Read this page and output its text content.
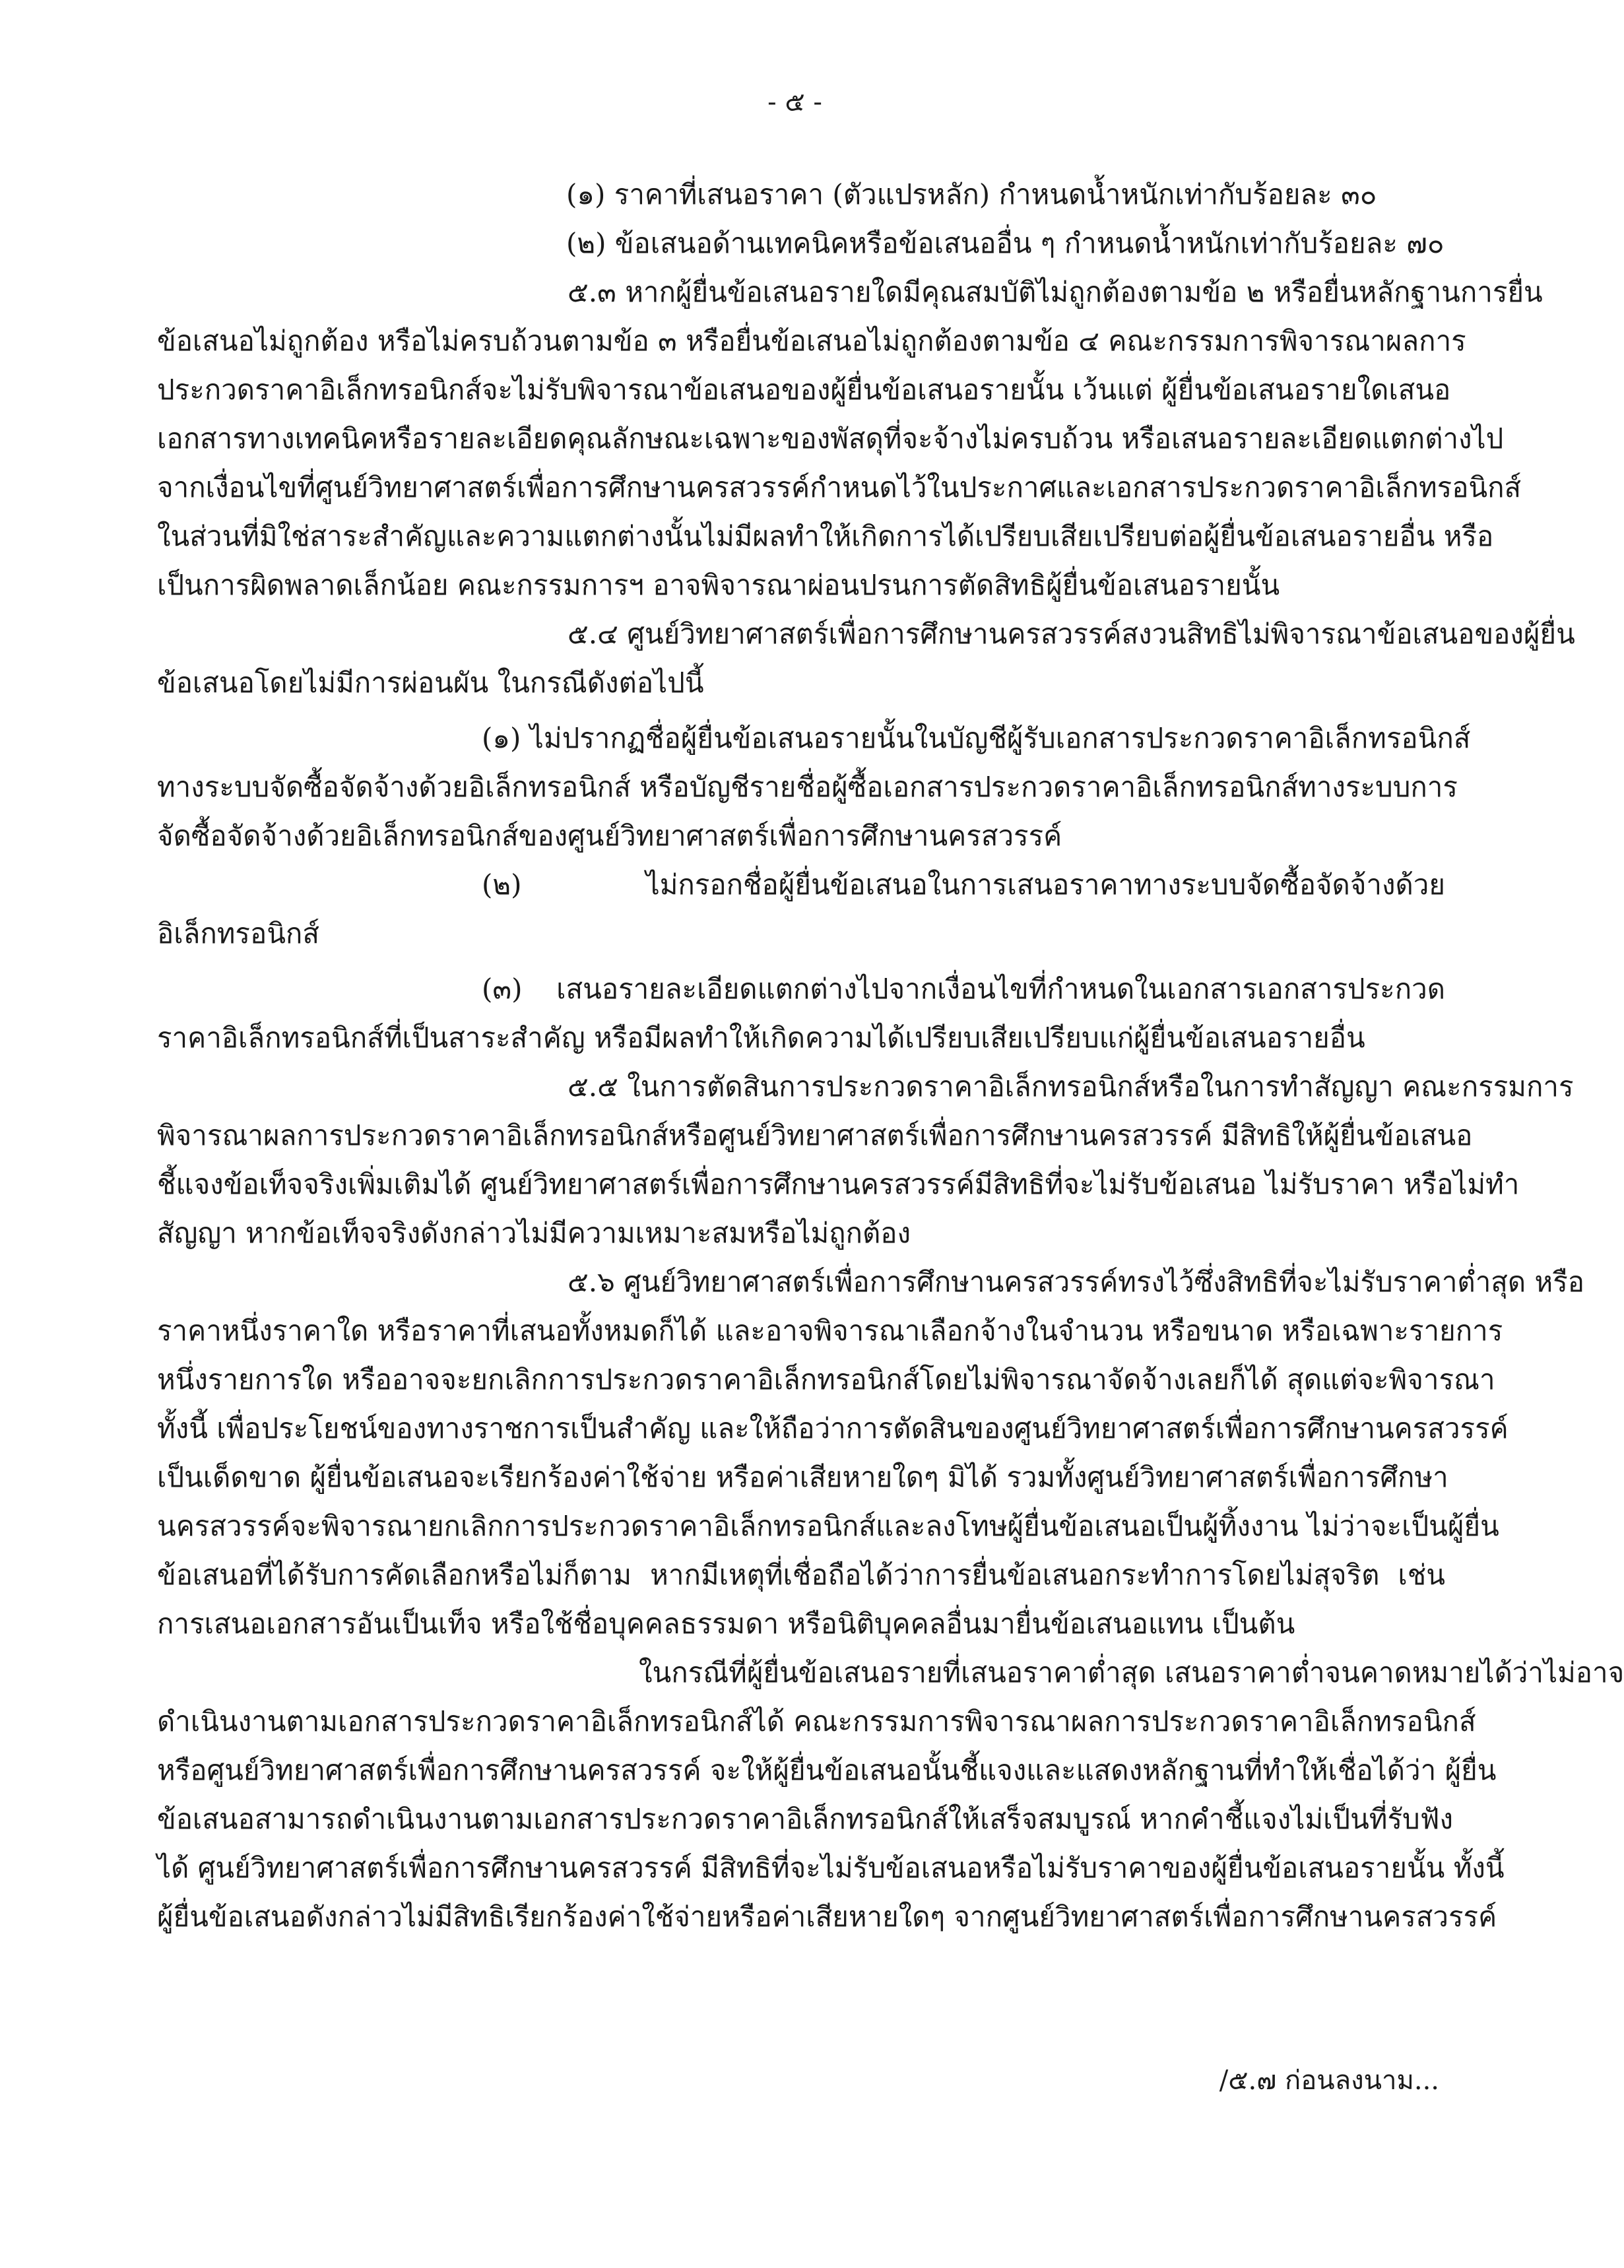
- ๕ -
(๑) ราคาที่เสนอราคา (ตัวแปรหลัก) กำหนดน้ำหนักเท่ากับร้อยละ ๓๐
(๒) ข้อเสนอด้านเทคนิคหรือข้อเสนออื่น ๆ กำหนดน้ำหนักเท่ากับร้อยละ ๗๐
๕.๓ หากผู้ยื่นข้อเสนอรายใดมีคุณสมบัติไม่ถูกต้องตามข้อ ๒ หรือยื่นหลักฐานการยื่น
ข้อเสนอไม่ถูกต้อง หรือไม่ครบถ้วนตามข้อ ๓ หรือยื่นข้อเสนอไม่ถูกต้องตามข้อ ๔ คณะกรรมการพิจารณาผลการ
ประกวดราคาอิเล็กทรอนิกส์จะไม่รับพิจารณาข้อเสนอของผู้ยื่นข้อเสนอรายนั้น เว้นแต่ ผู้ยื่นข้อเสนอรายใดเสนอ
เอกสารทางเทคนิคหรือรายละเอียดคุณลักษณะเฉพาะของพัสดุที่จะจ้างไม่ครบถ้วน หรือเสนอรายละเอียดแตกต่างไป
จากเงื่อนไขที่ศูนย์วิทยาศาสตร์เพื่อการศึกษานครสวรรค์กำหนดไว้ในประกาศและเอกสารประกวดราคาอิเล็กทรอนิกส์
ในส่วนที่มิใช่สาระสำคัญและความแตกต่างนั้นไม่มีผลทำให้เกิดการได้เปรียบเสียเปรียบต่อผู้ยื่นข้อเสนอรายอื่น หรือ
เป็นการผิดพลาดเล็กน้อย คณะกรรมการฯ อาจพิจารณาผ่อนปรนการตัดสิทธิผู้ยื่นข้อเสนอรายนั้น
๕.๔ ศูนย์วิทยาศาสตร์เพื่อการศึกษานครสวรรค์สงวนสิทธิไม่พิจารณาข้อเสนอของผู้ยื่น
ข้อเสนอโดยไม่มีการผ่อนผัน ในกรณีดังต่อไปนี้
(๑) ไม่ปรากฏชื่อผู้ยื่นข้อเสนอรายนั้นในบัญชีผู้รับเอกสารประกวดราคาอิเล็กทรอนิกส์
ทางระบบจัดซื้อจัดจ้างด้วยอิเล็กทรอนิกส์ หรือบัญชีรายชื่อผู้ซื้อเอกสารประกวดราคาอิเล็กทรอนิกส์ทางระบบการ
จัดซื้อจัดจ้างด้วยอิเล็กทรอนิกส์ของศูนย์วิทยาศาสตร์เพื่อการศึกษานครสวรรค์
(๒) ไม่กรอกชื่อผู้ยื่นข้อเสนอในการเสนอราคาทางระบบจัดซื้อจัดจ้างด้วย
อิเล็กทรอนิกส์
(๓) เสนอรายละเอียดแตกต่างไปจากเงื่อนไขที่กำหนดในเอกสารเอกสารประกวด
ราคาอิเล็กทรอนิกส์ที่เป็นสาระสำคัญ หรือมีผลทำให้เกิดความได้เปรียบเสียเปรียบแก่ผู้ยื่นข้อเสนอรายอื่น
๕.๕ ในการตัดสินการประกวดราคาอิเล็กทรอนิกส์หรือในการทำสัญญา คณะกรรมการ
พิจารณาผลการประกวดราคาอิเล็กทรอนิกส์หรือศูนย์วิทยาศาสตร์เพื่อการศึกษานครสวรรค์ มีสิทธิให้ผู้ยื่นข้อเสนอ
ชี้แจงข้อเท็จจริงเพิ่มเติมได้ ศูนย์วิทยาศาสตร์เพื่อการศึกษานครสวรรค์มีสิทธิที่จะไม่รับข้อเสนอ ไม่รับราคา หรือไม่ทำ
สัญญา หากข้อเท็จจริงดังกล่าวไม่มีความเหมาะสมหรือไม่ถูกต้อง
๕.๖ ศูนย์วิทยาศาสตร์เพื่อการศึกษานครสวรรค์ทรงไว้ซึ่งสิทธิที่จะไม่รับราคาต่ำสุด หรือ
ราคาหนึ่งราคาใด หรือราคาที่เสนอทั้งหมดก็ได้ และอาจพิจารณาเลือกจ้างในจำนวน หรือขนาด หรือเฉพาะรายการ
หนึ่งรายการใด หรืออาจจะยกเลิกการประกวดราคาอิเล็กทรอนิกส์โดยไม่พิจารณาจัดจ้างเลยก็ได้ สุดแต่จะพิจารณา
ทั้งนี้ เพื่อประโยชน์ของทางราชการเป็นสำคัญ และให้ถือว่าการตัดสินของศูนย์วิทยาศาสตร์เพื่อการศึกษานครสวรรค์
เป็นเด็ดขาด ผู้ยื่นข้อเสนอจะเรียกร้องค่าใช้จ่าย หรือค่าเสียหายใดๆ มิได้ รวมทั้งศูนย์วิทยาศาสตร์เพื่อการศึกษา
นครสวรรค์จะพิจารณายกเลิกการประกวดราคาอิเล็กทรอนิกส์และลงโทษผู้ยื่นข้อเสนอเป็นผู้ทิ้งงาน ไม่ว่าจะเป็นผู้ยื่น
ข้อเสนอที่ได้รับการคัดเลือกหรือไม่ก็ตาม หากมีเหตุที่เชื่อถือได้ว่าการยื่นข้อเสนอกระทำการโดยไม่สุจริต เช่น
การเสนอเอกสารอันเป็นเท็จ หรือใช้ชื่อบุคคลธรรมดา หรือนิติบุคคลอื่นมายื่นข้อเสนอแทน เป็นต้น
ในกรณีที่ผู้ยื่นข้อเสนอรายที่เสนอราคาต่ำสุด เสนอราคาต่ำจนคาดหมายได้ว่าไม่อาจ
ดำเนินงานตามเอกสารประกวดราคาอิเล็กทรอนิกส์ได้ คณะกรรมการพิจารณาผลการประกวดราคาอิเล็กทรอนิกส์
หรือศูนย์วิทยาศาสตร์เพื่อการศึกษานครสวรรค์ จะให้ผู้ยื่นข้อเสนอนั้นชี้แจงและแสดงหลักฐานที่ทำให้เชื่อได้ว่า ผู้ยื่น
ข้อเสนอสามารถดำเนินงานตามเอกสารประกวดราคาอิเล็กทรอนิกส์ให้เสร็จสมบูรณ์ หากคำชี้แจงไม่เป็นที่รับฟัง
ได้ ศูนย์วิทยาศาสตร์เพื่อการศึกษานครสวรรค์ มีสิทธิที่จะไม่รับข้อเสนอหรือไม่รับราคาของผู้ยื่นข้อเสนอรายนั้น ทั้งนี้
ผู้ยื่นข้อเสนอดังกล่าวไม่มีสิทธิเรียกร้องค่าใช้จ่ายหรือค่าเสียหายใดๆ จากศูนย์วิทยาศาสตร์เพื่อการศึกษานครสวรรค์
/๕.๗ ก่อนลงนาม...
